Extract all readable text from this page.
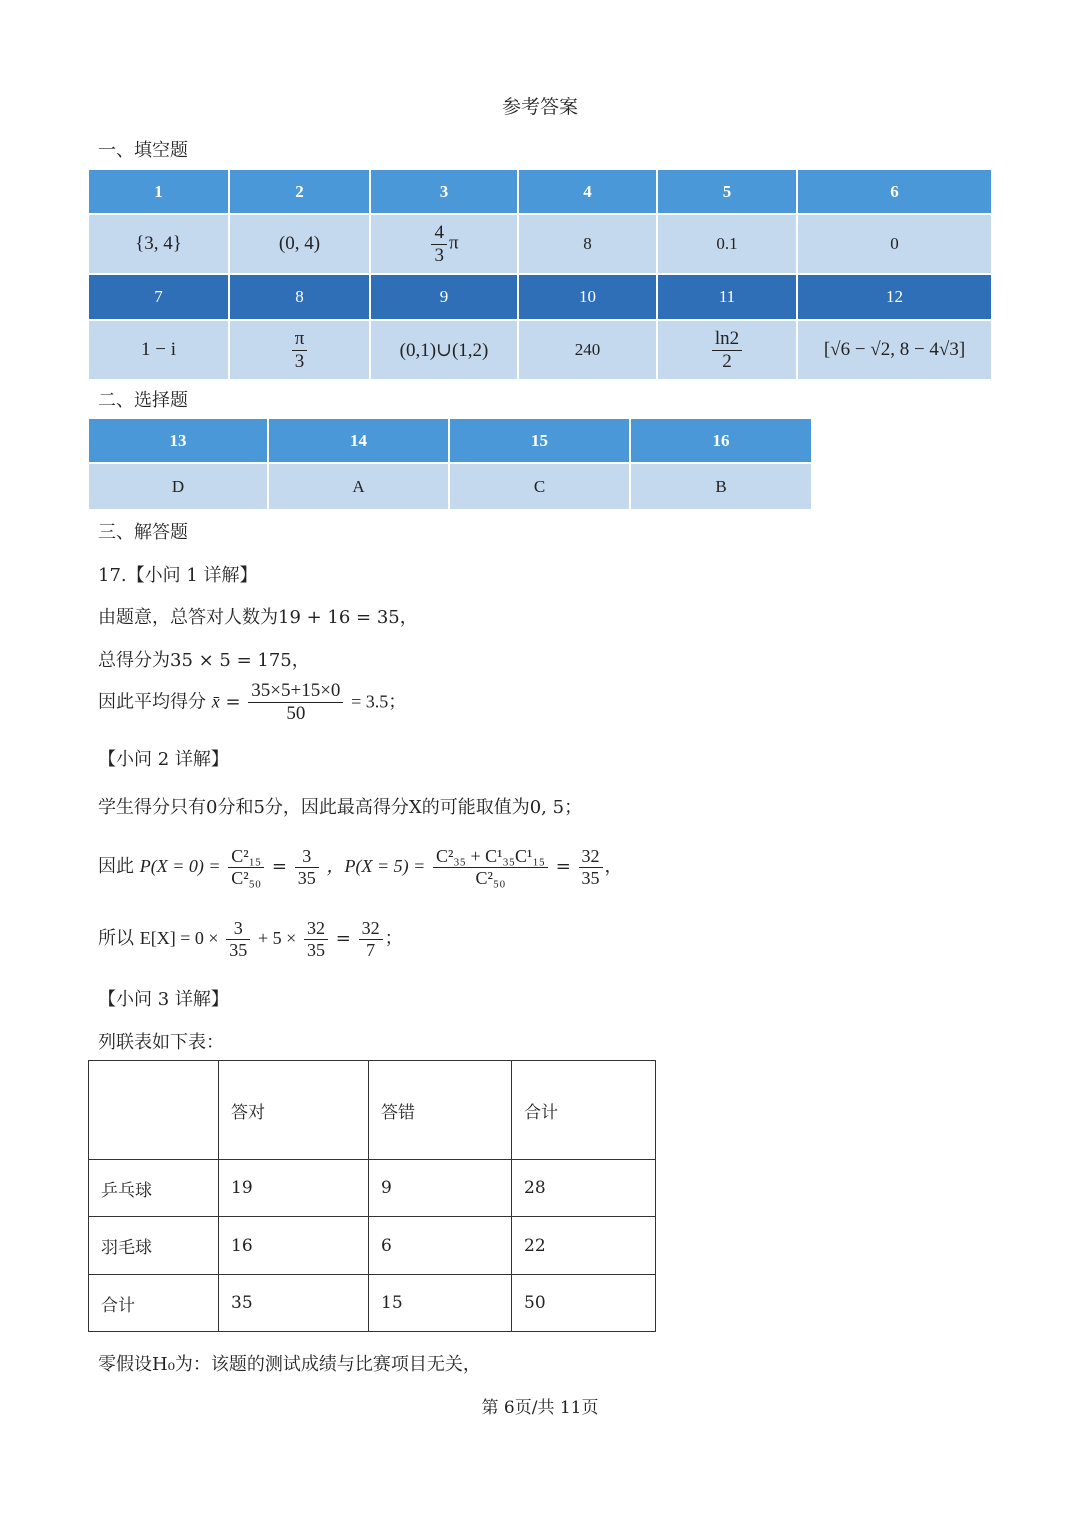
参考答案
一、填空题
1	2	3	4	5	6
{3, 4}	(0, 4)	$\frac{4}{3}$ π	8	0.1	0
7	8	9	10	11	12
1 − i	$\frac{\pi}{3}$	(0,1)∪(1,2)	240	$\frac{\ln 2}{2}$	[√6 − √2, 8 − 4√3]
二、选择题
13	14	15	16
D	A	C	B
三、解答题
17.【小问 1 详解】
由题意，总答对人数为19 + 16 = 35，
总得分为35 × 5 = 175，
因此平均得分 x̄ = $\frac{35\times 5+15\times 0}{50} = 3.5$；
【小问 2 详解】
学生得分只有0分和5分，因此最高得分X的可能取值为0, 5；
因此 $P(X = 0) = \frac{\text{C²₁₅}}{\text{C²₅₀}} = \frac{3}{35}$ ，$P(X = 5) = \frac{\text{C²₃₅ + C¹₃₅C¹₁₅}}{\text{C²₅₀}} = \frac{32}{35}$ ，
所以 $E[X] = 0 \times \frac{3}{35} + 5 \times \frac{32}{35} = \frac{32}{7}$ ；
【小问 3 详解】
列联表如下表：
	答对	答错	合计
乒乓球	19	9	28
羽毛球	16	6	22
合计	35	15	50
零假设H₀为：该题的测试成绩与比赛项目无关，
第 6页/共 11页
